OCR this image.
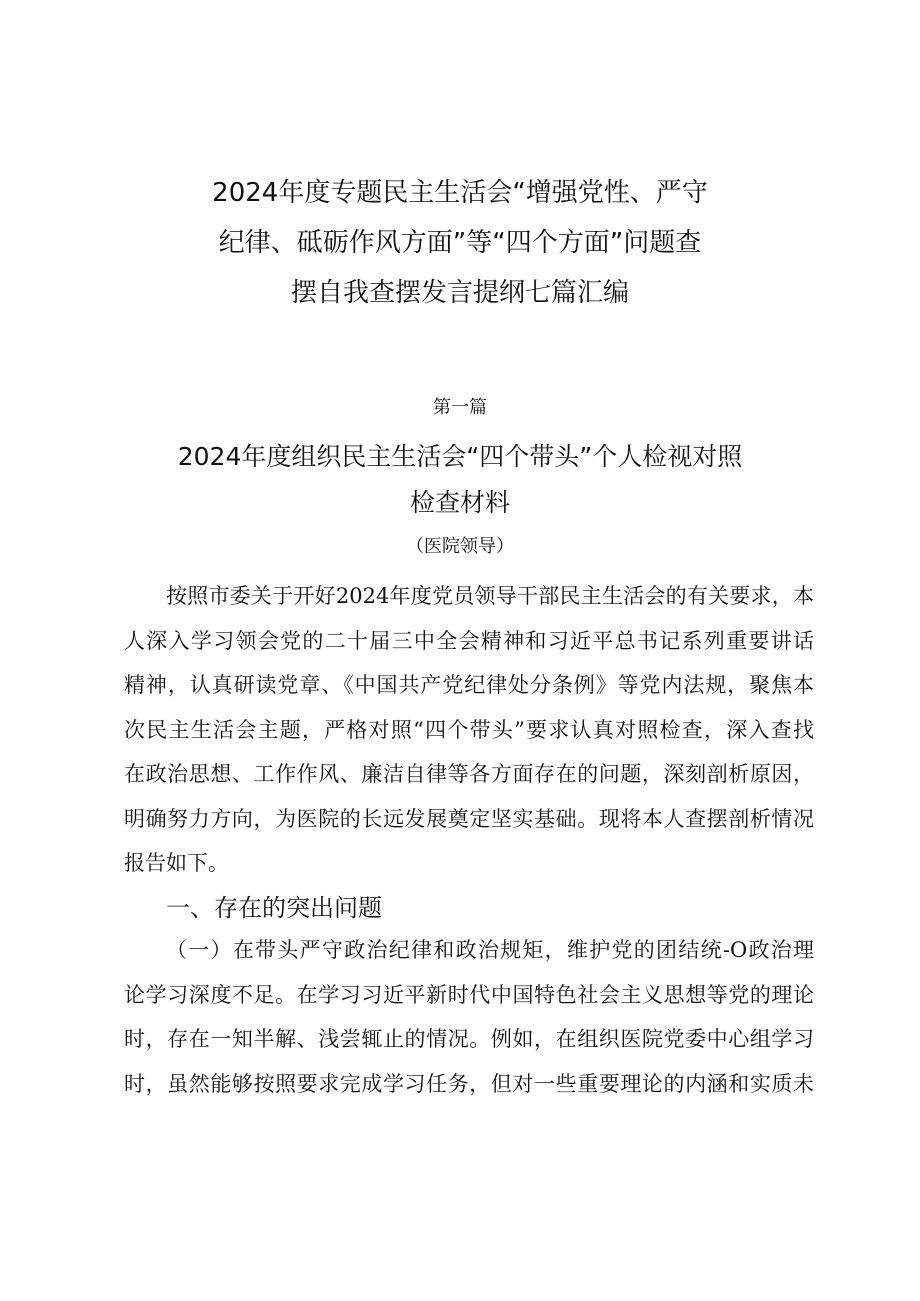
2024年度专题民主生活会“增强党性、严守
纪律、砥砺作风方面”等“四个方面”问题查
摆自我查摆发言提纲七篇汇编
第一篇
2024年度组织民主生活会“四个带头”个人检视对照
检查材料
（医院领导）
按照市委关于开好2024年度党员领导干部民主生活会的有关要求，本
人深入学习领会党的二十届三中全会精神和习近平总书记系列重要讲话
精神，认真研读党章、《中国共产党纪律处分条例》等党内法规，聚焦本
次民主生活会主题，严格对照“四个带头”要求认真对照检查，深入查找
在政治思想、工作作风、廉洁自律等各方面存在的问题，深刻剖析原因，
明确努力方向，为医院的长远发展奠定坚实基础。现将本人查摆剖析情况
报告如下。
一、存在的突出问题
（一）在带头严守政治纪律和政治规矩，维护党的团结统-O政治理
论学习深度不足。在学习习近平新时代中国特色社会主义思想等党的理论
时，存在一知半解、浅尝辄止的情况。例如，在组织医院党委中心组学习
时，虽然能够按照要求完成学习任务，但对一些重要理论的内涵和实质未
